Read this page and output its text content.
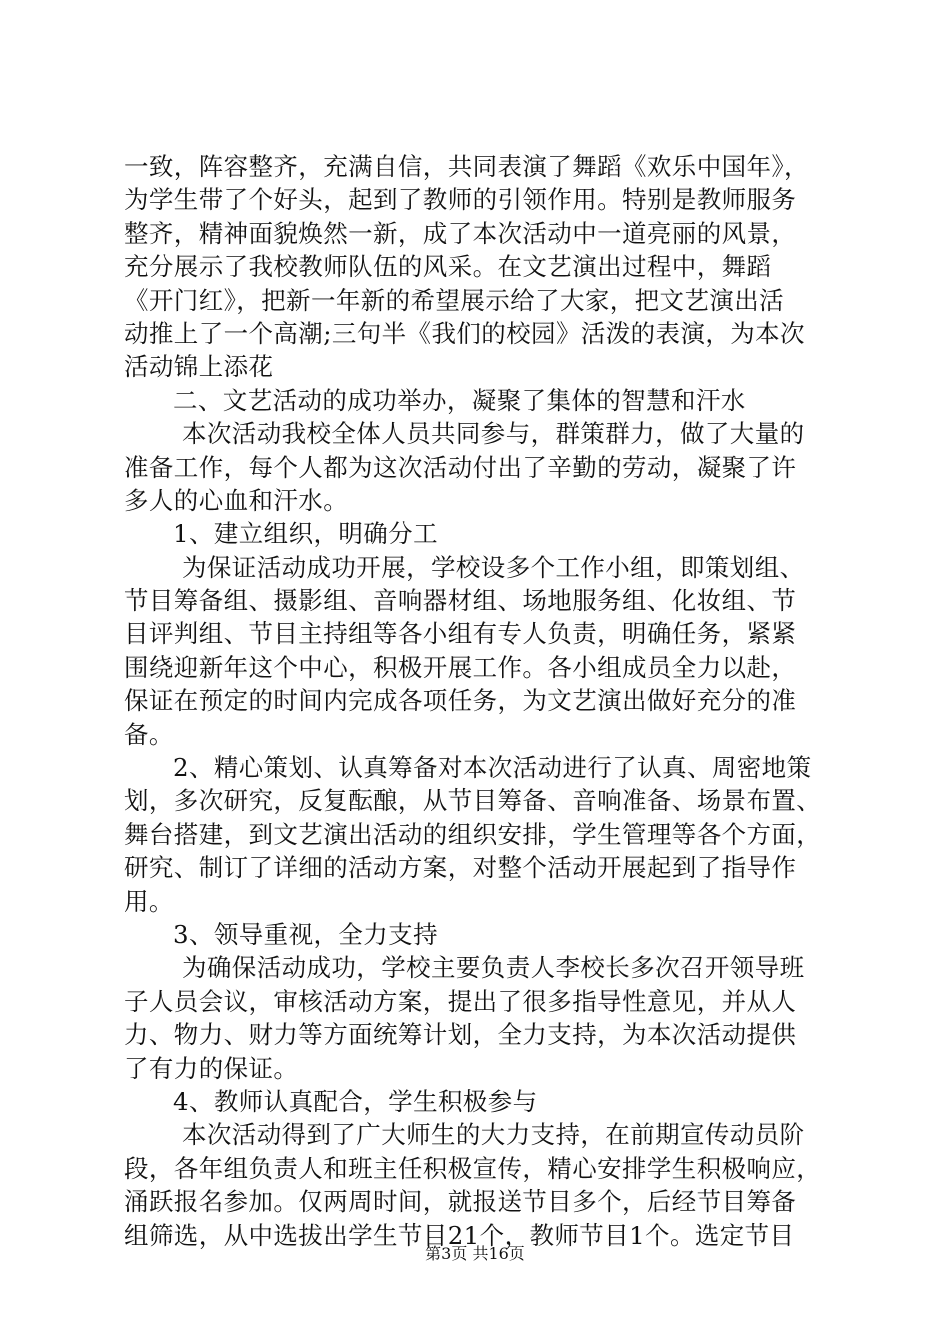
一致，阵容整齐，充满自信，共同表演了舞蹈《欢乐中国年》，
为学生带了个好头，起到了教师的引领作用。特别是教师服务
整齐，精神面貌焕然一新，成了本次活动中一道亮丽的风景，
充分展示了我校教师队伍的风采。在文艺演出过程中，舞蹈
《开门红》，把新一年新的希望展示给了大家，把文艺演出活
动推上了一个高潮;三句半《我们的校园》活泼的表演，为本次
活动锦上添花
二、文艺活动的成功举办，凝聚了集体的智慧和汗水
本次活动我校全体人员共同参与，群策群力，做了大量的
准备工作，每个人都为这次活动付出了辛勤的劳动，凝聚了许
多人的心血和汗水。
1、建立组织，明确分工
为保证活动成功开展，学校设多个工作小组，即策划组、
节目筹备组、摄影组、音响器材组、场地服务组、化妆组、节
目评判组、节目主持组等各小组有专人负责，明确任务，紧紧
围绕迎新年这个中心，积极开展工作。各小组成员全力以赴，
保证在预定的时间内完成各项任务，为文艺演出做好充分的准
备。
2、精心策划、认真筹备对本次活动进行了认真、周密地策
划，多次研究，反复酝酿，从节目筹备、音响准备、场景布置、
舞台搭建，到文艺演出活动的组织安排，学生管理等各个方面，
研究、制订了详细的活动方案，对整个活动开展起到了指导作
用。
3、领导重视，全力支持
为确保活动成功，学校主要负责人李校长多次召开领导班
子人员会议，审核活动方案，提出了很多指导性意见，并从人
力、物力、财力等方面统筹计划，全力支持，为本次活动提供
了有力的保证。
4、教师认真配合，学生积极参与
本次活动得到了广大师生的大力支持，在前期宣传动员阶
段，各年组负责人和班主任积极宣传，精心安排学生积极响应，
涌跃报名参加。仅两周时间，就报送节目多个，后经节目筹备
组筛选，从中选拔出学生节目21个，教师节目1个。选定节目
第3页 共16页
